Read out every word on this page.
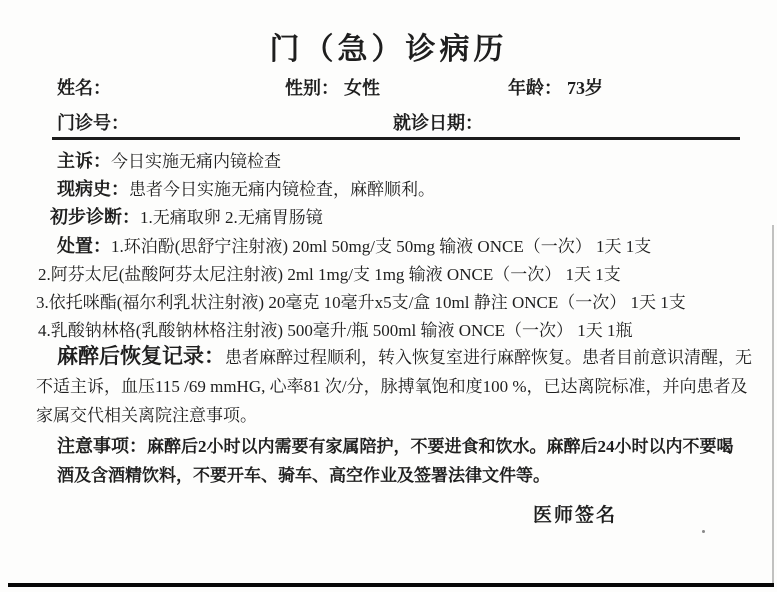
门（急）诊病历
姓名：	性别： 女性	年龄： 73岁
门诊号：	就诊日期：
主诉：今日实施无痛内镜检查
现病史：患者今日实施无痛内镜检査，麻醉顺利。
初步诊断：1.无痛取卵 2.无痛胃肠镜
处置：1.环泊酚(思舒宁注射液) 20ml 50mg/支 50mg 输液 ONCE（一次） 1天 1支
2.阿芬太尼(盐酸阿芬太尼注射液) 2ml 1mg/支 1mg 输液 ONCE（一次） 1天 1支
3.依托咪酯(福尔利乳状注射液) 20毫克 10毫升x5支/盒 10ml 静注 ONCE（一次） 1天 1支
4.乳酸钠林格(乳酸钠林格注射液) 500毫升/瓶 500ml 输液 ONCE（一次） 1天 1瓶
麻醉后恢复记录：患者麻醉过程顺利，转入恢复室进行麻醉恢复。患者目前意识清醒，无不适主诉，血压115 /69 mmHG, 心率81 次/分，脉搏氧饱和度100 %，已达离院标准，并向患者及家属交代相关离院注意事项。
注意事项：麻醉后2小时以内需要有家属陪护，不要进食和饮水。麻醉后24小时以内不要喝酒及含酒精饮料，不要开车、骑车、高空作业及签署法律文件等。
医师签名
